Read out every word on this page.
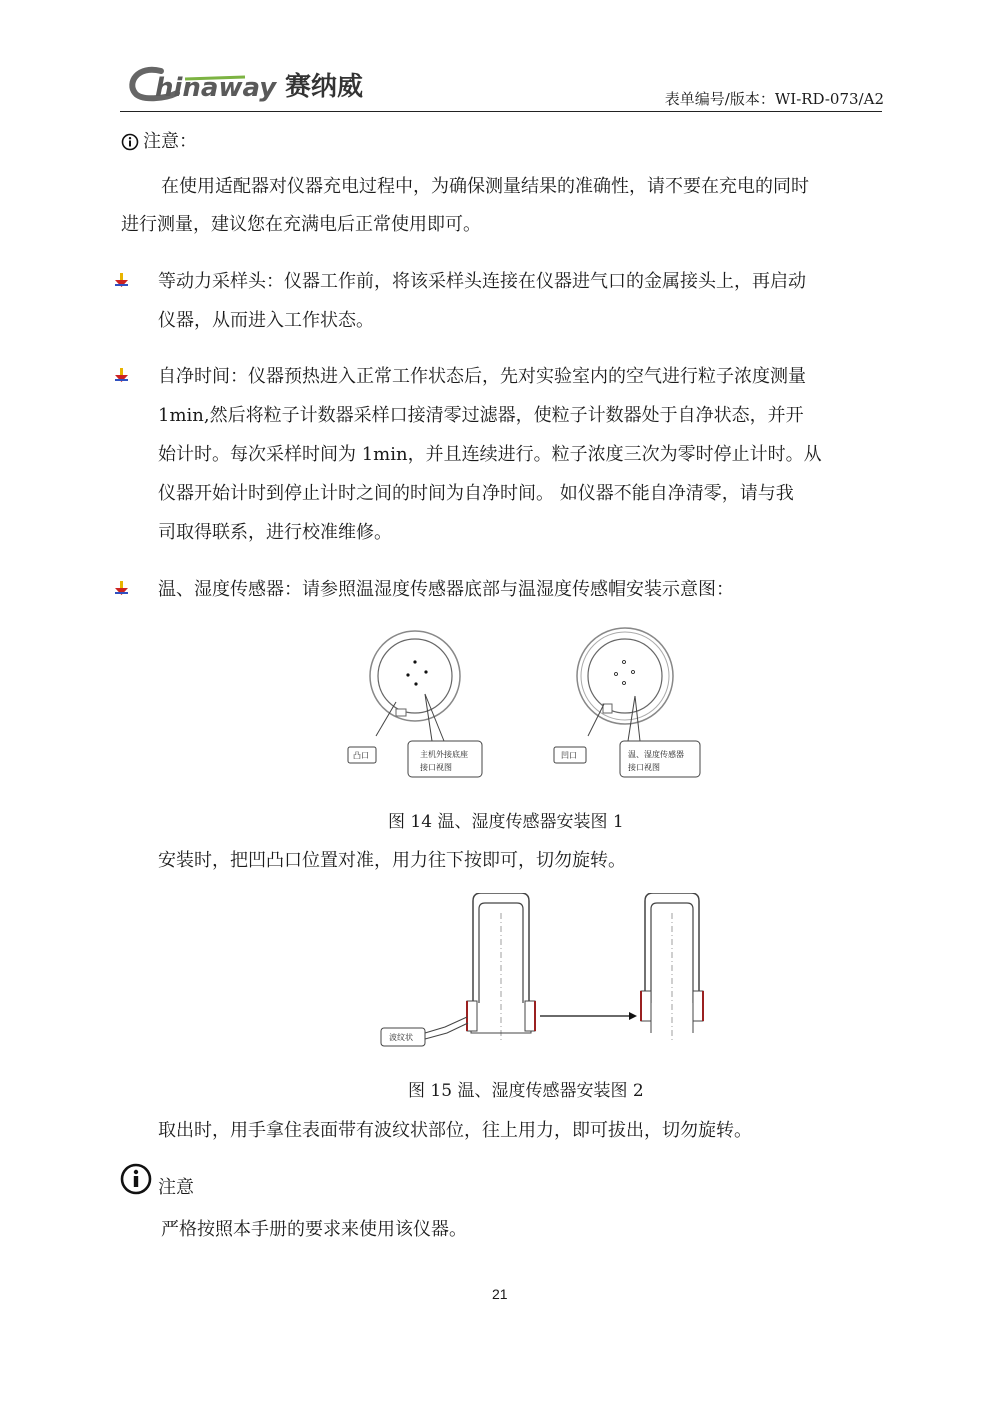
hinaway 赛纳威	表单编号/版本：WI-RD-073/A2
注意：
在使用适配器对仪器充电过程中，为确保测量结果的准确性，请不要在充电的同时
进行测量，建议您在充满电后正常使用即可。
等动力采样头：仪器工作前，将该采样头连接在仪器进气口的金属接头上，再启动
仪器，从而进入工作状态。
自净时间：仪器预热进入正常工作状态后，先对实验室内的空气进行粒子浓度测量
1min,然后将粒子计数器采样口接清零过滤器，使粒子计数器处于自净状态，并开
始计时。每次采样时间为 1min，并且连续进行。粒子浓度三次为零时停止计时。从
仪器开始计时到停止计时之间的时间为自净时间。 如仪器不能自净清零，请与我
司取得联系，进行校准维修。
温、湿度传感器：请参照温湿度传感器底部与温湿度传感帽安装示意图：
凸口	主机外接底座
接口视图
凹口	温、湿度传感器
接口视图
图 14 温、湿度传感器安装图 1
安装时，把凹凸口位置对准，用力往下按即可，切勿旋转。
波纹状
图 15 温、湿度传感器安装图 2
取出时，用手拿住表面带有波纹状部位，往上用力，即可拔出，切勿旋转。
注意
严格按照本手册的要求来使用该仪器。
21
